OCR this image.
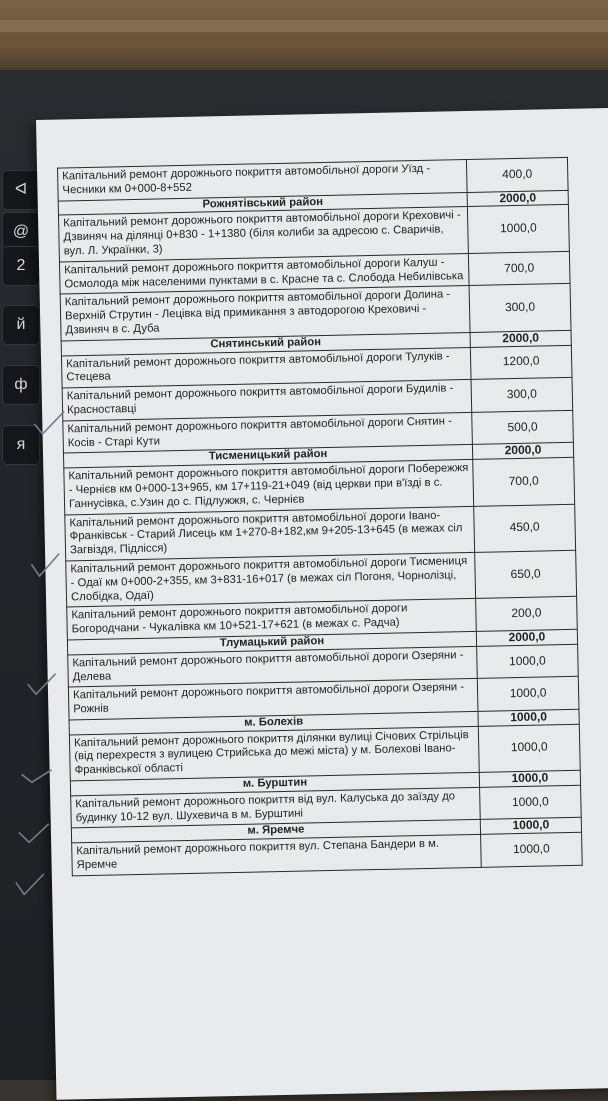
ᐊ
@
2
й
ф
я
Капітальний ремонт дорожнього покриття автомобільної дороги Уїзд - Чесники км 0+000-8+552	400,0
Рожнятівський район	2000,0
Капітальний ремонт дорожнього покриття автомобільної дороги Креховичі - Дзвиняч на ділянці 0+830 - 1+1380 (біля колиби за адресою с. Сваричів, вул. Л. Українки, 3)	1000,0
Капітальний ремонт дорожнього покриття автомобільної дороги Калуш - Осмолода між населеними пунктами в с. Красне та с. Слобода Небилівська	700,0
Капітальний ремонт дорожнього покриття автомобільної дороги Долина - Верхній Струтин - Лецівка від примикання з автодорогою Креховичі - Дзвиняч в с. Дуба	300,0
Снятинський район	2000,0
Капітальний ремонт дорожнього покриття автомобільної дороги Тулуків - Стецева	1200,0
Капітальний ремонт дорожнього покриття автомобільної дороги Будилів - Красноставці	300,0
Капітальний ремонт дорожнього покриття автомобільної дороги Снятин - Косів - Старі Кути	500,0
Тисменицький район	2000,0
Капітальний ремонт дорожнього покриття автомобільної дороги Побережжя - Чернієв км 0+000-13+965, км 17+119-21+049 (від церкви при в'їзді в с. Ганнусівка, с.Узин до с. Підлужжя, с. Чернієв	700,0
Капітальний ремонт дорожнього покриття автомобільної дороги Івано-Франківськ - Старий Лисець км 1+270-8+182,км 9+205-13+645 (в межах сіл Загвіздя, Підлісся)	450,0
Капітальний ремонт дорожнього покриття автомобільної дороги Тисмениця - Одаї км 0+000-2+355, км 3+831-16+017 (в межах сіл Погоня, Чорнолізці, Слобідка, Одаї)	650,0
Капітальний ремонт дорожнього покриття автомобільної дороги Богородчани - Чукалівка км 10+521-17+621 (в межах с. Радча)	200,0
Тлумацький район	2000,0
Капітальний ремонт дорожнього покриття автомобільної дороги Озеряни - Делева	1000,0
Капітальний ремонт дорожнього покриття автомобільної дороги Озеряни - Рожнів	1000,0
м. Болехів	1000,0
Капітальний ремонт дорожнього покриття ділянки вулиці Січових Стрільців (від перехрестя з вулицею Стрийська до межі міста) у м. Болехові Івано-Франківської області	1000,0
м. Бурштин	1000,0
Капітальний ремонт дорожнього покриття від вул. Калуська до заїзду до будинку 10-12 вул. Шухевича в м. Бурштині	1000,0
м. Яремче	1000,0
Капітальний ремонт дорожнього покриття вул. Степана Бандери в м. Яремче	1000,0
